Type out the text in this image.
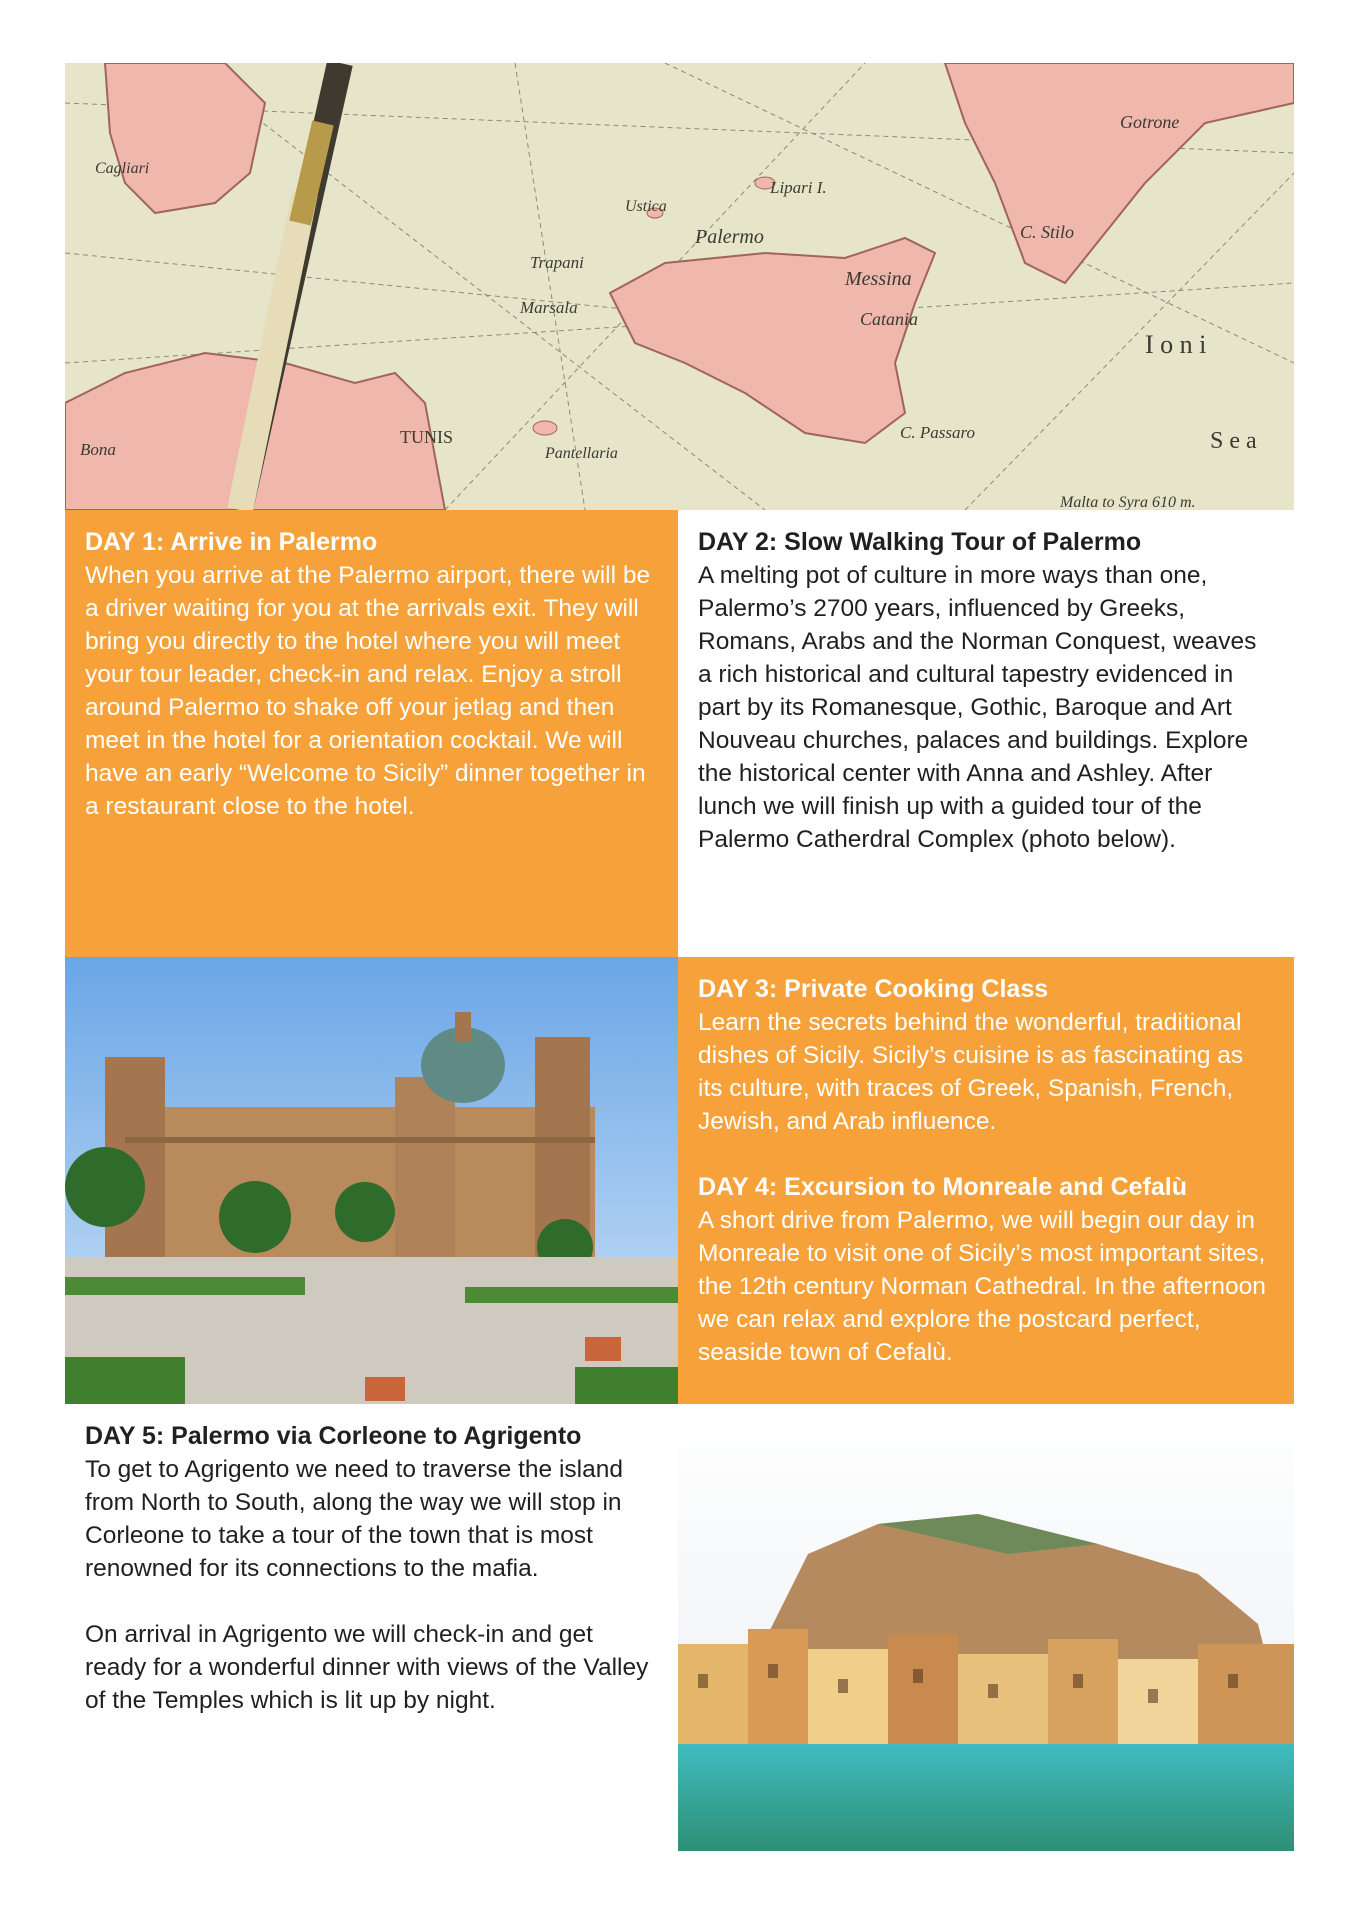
TUNIS
Palermo
Messina
Catania
I o n i
S e a
Malta to Syra 610 m.
Marsala
Trapani
Pantellaria
Cagliari
Bona
Gotrone
C. Stilo
C. Passaro
Ustica
Lipari I.
DAY 1: Arrive in Palermo

When you arrive at the Palermo airport, there will be a driver waiting for you at the arrivals exit. They will bring you directly to the hotel where you will meet your tour leader, check-in and relax. Enjoy a stroll around Palermo to shake off your jetlag and then meet in the hotel for a orientation cocktail. We will have an early “Welcome to Sicily” dinner together in a restaurant close to the hotel.

DAY 2: Slow Walking Tour of Palermo

A melting pot of culture in more ways than one, Palermo’s 2700 years, influenced by Greeks, Romans, Arabs and the Norman Conquest, weaves a rich historical and cultural tapestry evidenced in part by its Romanesque, Gothic, Baroque and Art Nouveau churches, palaces and buildings. Explore the historical center with Anna and Ashley. After lunch we will finish up with a guided tour of the Palermo Catherdral Complex (photo below).

DAY 3: Private Cooking Class

Learn the secrets behind the wonderful, traditional dishes of Sicily. Sicily’s cuisine is as fascinating as its culture, with traces of Greek, Spanish, French, Jewish, and Arab influence.

DAY 4: Excursion to Monreale and Cefalù

A short drive from Palermo, we will begin our day in Monreale to visit one of Sicily’s most important sites, the 12th century Norman Cathedral. In the afternoon we can relax and explore the postcard perfect, seaside town of Cefalù.

DAY 5: Palermo via Corleone to Agrigento

To get to Agrigento we need to traverse the island from North to South, along the way we will stop in Corleone to take a tour of the town that is most renowned for its connections to the mafia.

On arrival in Agrigento we will check-in and get ready for a wonderful dinner with views of the Valley of the Temples which is lit up by night.
